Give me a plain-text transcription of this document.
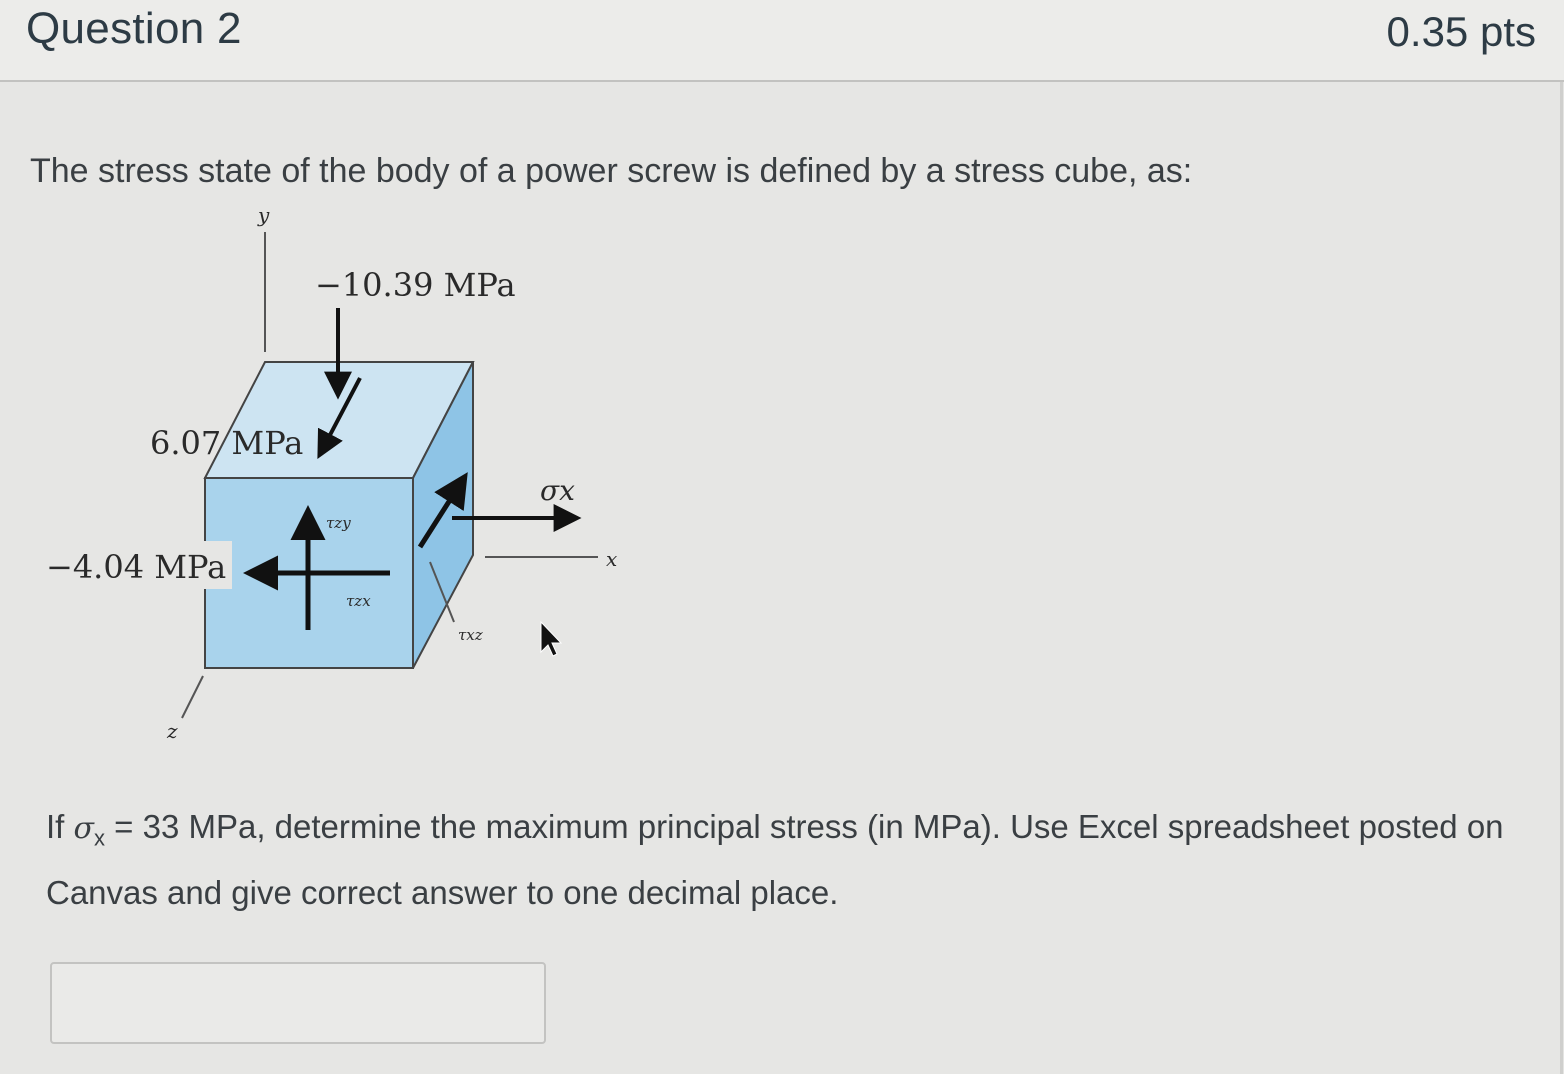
Question 2	0.35 pts
The stress state of the body of a power screw is defined by a stress cube, as:
y
x
z
−10.39 MPa
6.07 MPa
−4.04 MPa
τzy
τzx
τxz
σx
If $\sigma_x = 33$ MPa, determine the maximum principal stress (in MPa). Use Excel spreadsheet posted on Canvas and give correct answer to one decimal place.
